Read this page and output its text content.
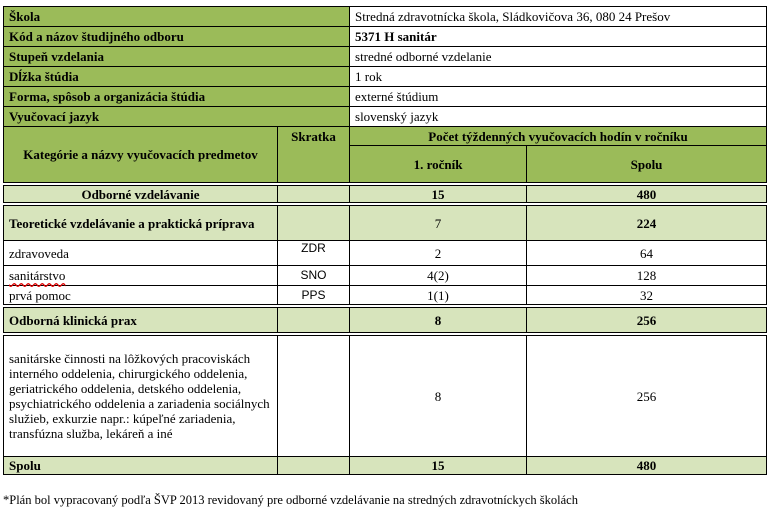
Škola		Stredná zdravotnícka škola, Sládkovičova 36, 080 24 Prešov	
Kód a názov študijného odboru		5371 H sanitár	
Stupeň vzdelania		stredné odborné vzdelanie	
Dĺžka štúdia		1 rok	
Forma, spôsob a organizácia štúdia		externé štúdium	
Vyučovací jazyk		slovenský jazyk	
Kategórie a názvy vyučovacích predmetov	Skratka	Počet týždenných vyučovacích hodín v ročníku	
		1. ročník	Spolu

Odborné vzdelávanie		15	480

Teoretické vzdelávanie a praktická príprava		7	224
zdravoveda	ZDR	2	64
sanitárstvo	SNO	4(2)	128
prvá pomoc	PPS	1(1)	32

Odborná klinická prax		8	256

sanitárske činnosti na lôžkových pracoviskách interného oddelenia, chirurgického oddelenia, geriatrického oddelenia, detského oddelenia, psychiatrického oddelenia a zariadenia sociálnych služieb, exkurzie napr.: kúpeľné zariadenia, transfúzna služba, lekáreň a iné		8	256
Spolu		15	480
*Plán bol vypracovaný podľa ŠVP 2013 revidovaný pre odborné vzdelávanie na stredných zdravotníckych školách
